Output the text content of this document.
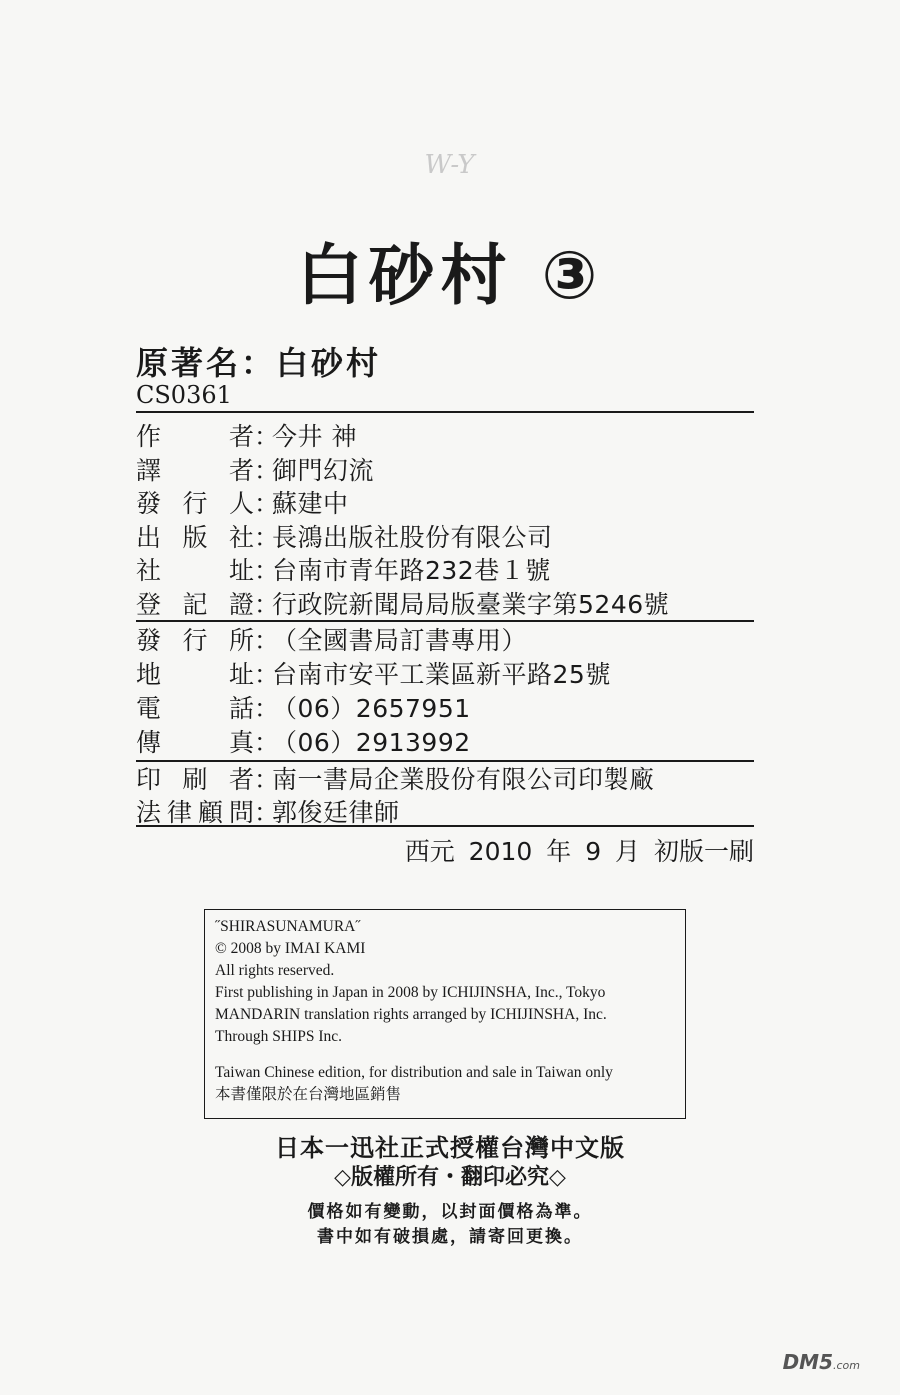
W-Y
白砂村 ③
原著名：白砂村
CS0361
作	者 ：
今井 神
譯	者 ：
御門幻流
發 行 人 ：
蘇建中
出 版 社 ：
長鴻出版社股份有限公司
社	址 ：
台南市青年路232巷１號
登 記 證 ：
行政院新聞局局版臺業字第5246號
發 行 所 ：
（全國書局訂書專用）
地	址 ：
台南市安平工業區新平路25號
電	話 ：
（06）2657951
傳	真 ：
（06）2913992
印 刷 者 ：
南一書局企業股份有限公司印製廠
法 律 顧 問 ：
郭俊廷律師
西元 2010 年 9 月 初版一刷
˝SHIRASUNAMURA˝
© 2008 by IMAI KAMI
All rights reserved.
First publishing in Japan in 2008 by ICHIJINSHA, Inc., Tokyo
MANDARIN translation rights arranged by ICHIJINSHA, Inc.
Through SHIPS Inc.
Taiwan Chinese edition, for distribution and sale in Taiwan only
本書僅限於在台灣地區銷售
日本一迅社正式授權台灣中文版
◇版權所有・翻印必究◇
價格如有變動，以封面價格為準。
書中如有破損處，請寄回更換。
DM5.com
